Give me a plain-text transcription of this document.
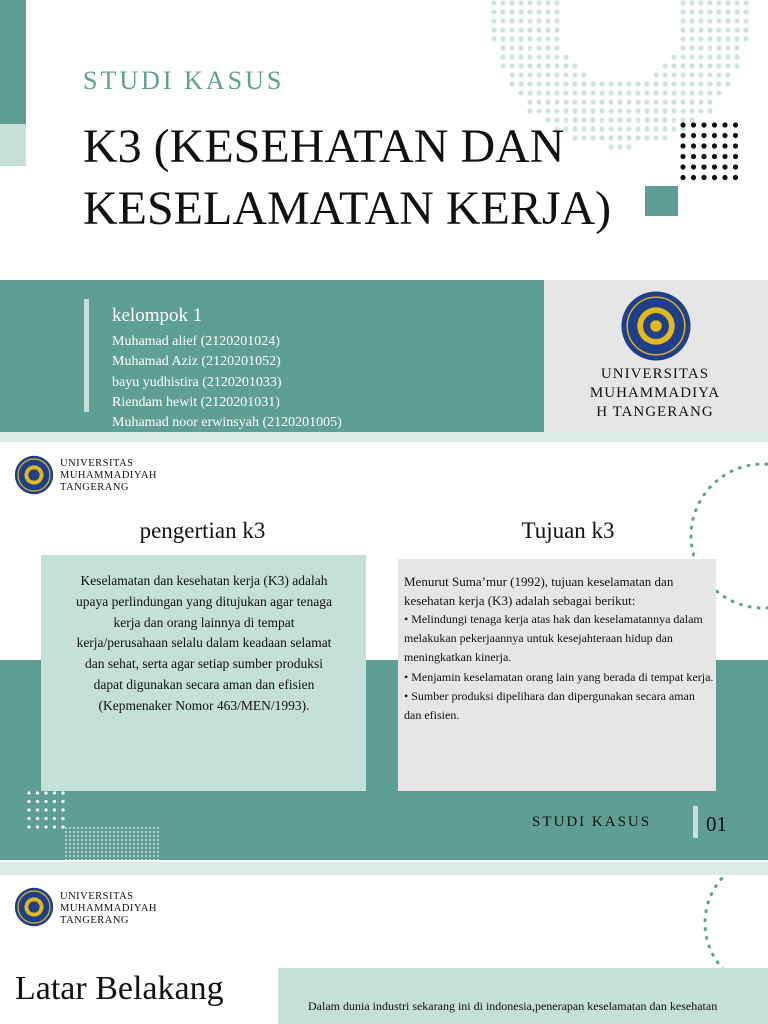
STUDI KASUS
K3 (KESEHATAN DAN KESELAMATAN KERJA)
kelompok 1
Muhamad alief (2120201024)
Muhamad Aziz (2120201052)
bayu yudhistira (2120201033)
Riendam hewit (2120201031)
Muhamad noor erwinsyah (2120201005)
UNIVERSITAS
MUHAMMADIYA
H TANGERANG
UNIVERSITAS
MUHAMMADIYAH
TANGERANG
pengertian k3	Tujuan k3
Keselamatan dan kesehatan kerja (K3) adalah upaya perlindungan yang ditujukan agar tenaga kerja dan orang lainnya di tempat kerja/perusahaan selalu dalam keadaan selamat dan sehat, serta agar setiap sumber produksi dapat digunakan secara aman dan efisien (Kepmenaker Nomor 463/MEN/1993).
Menurut Suma’mur (1992), tujuan keselamatan dan kesehatan kerja (K3) adalah sebagai berikut:
• Melindungi tenaga kerja atas hak dan keselamatannya dalam melakukan pekerjaannya untuk kesejahteraan hidup dan meningkatkan kinerja.
• Menjamin keselamatan orang lain yang berada di tempat kerja.
• Sumber produksi dipelihara dan dipergunakan secara aman dan efisien.
STUDI KASUS	01
UNIVERSITAS
MUHAMMADIYAH
TANGERANG
Latar Belakang	Dalam dunia industri sekarang ini di indonesia,penerapan keselamatan dan kesehatan
